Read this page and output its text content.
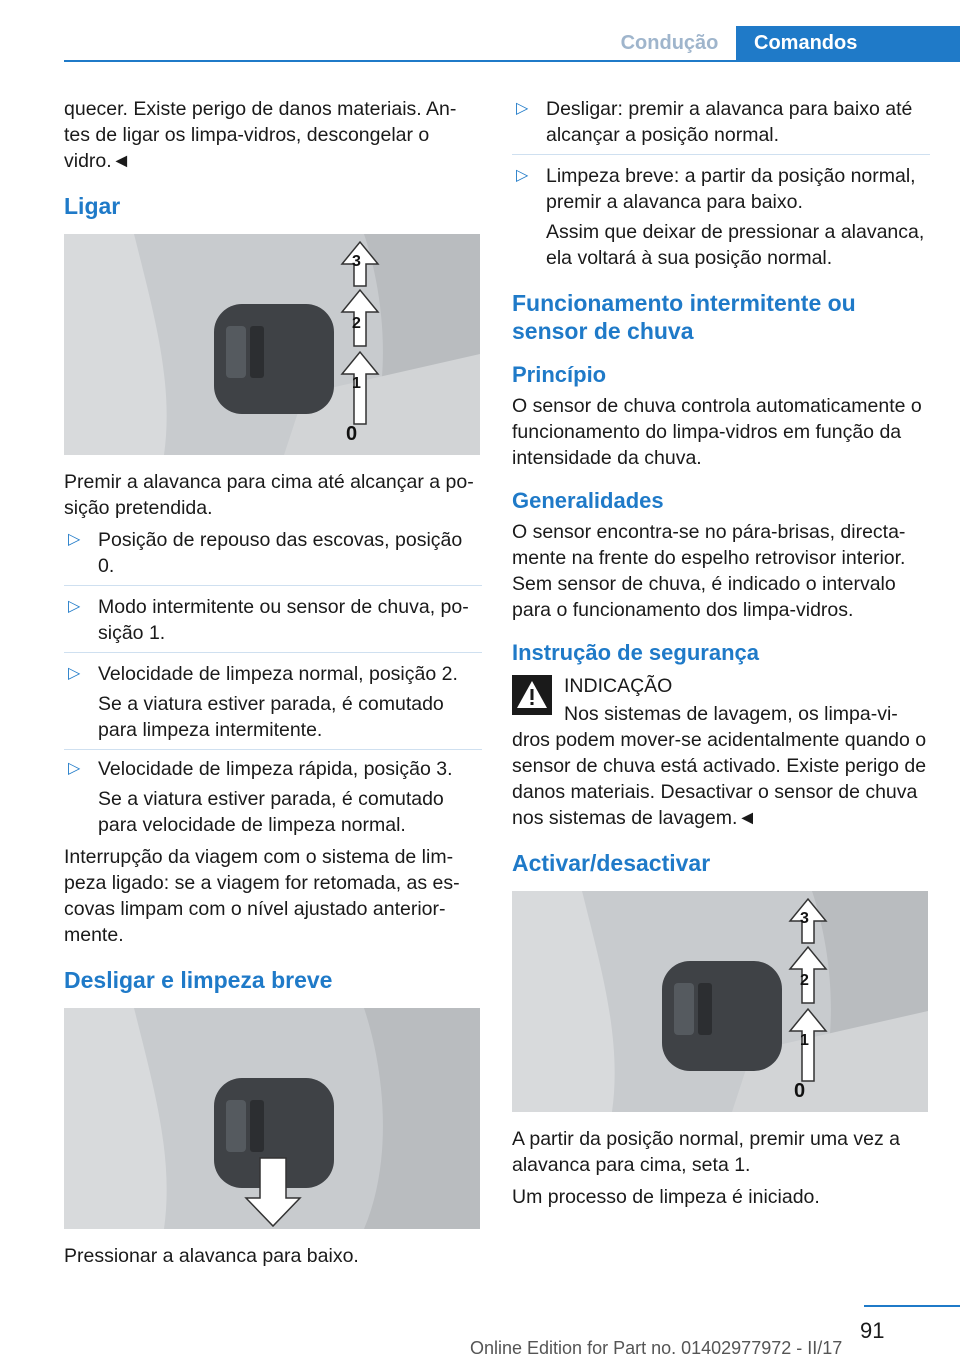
Condução	Comandos

quecer. Existe perigo de danos materiais. An- tes de ligar os limpa-vidros, descongelar o vidro.◄

Ligar
0
1
2
3

Premir a alavanca para cima até alcançar a po- sição pretendida.

▷ Posição de repouso das escovas, posição 0.
▷ Modo intermitente ou sensor de chuva, po- sição 1.
▷ Velocidade de limpeza normal, posição 2.

Se a viatura estiver parada, é comutado para limpeza intermitente.

▷ Velocidade de limpeza rápida, posição 3.

Se a viatura estiver parada, é comutado para velocidade de limpeza normal.

Interrupção da viagem com o sistema de lim- peza ligado: se a viagem for retomada, as es- covas limpam com o nível ajustado anterior- mente.

Desligar e limpeza breve

Pressionar a alavanca para baixo.

▷ Desligar: premir a alavanca para baixo até alcançar a posição normal.
▷ Limpeza breve: a partir da posição normal, premir a alavanca para baixo.

Assim que deixar de pressionar a alavanca, ela voltará à sua posição normal.

Funcionamento intermitente ou sensor de chuva
Princípio

O sensor de chuva controla automaticamente o funcionamento do limpa-vidros em função da intensidade da chuva.

Generalidades

O sensor encontra-se no pára-brisas, directa- mente na frente do espelho retrovisor interior. Sem sensor de chuva, é indicado o intervalo para o funcionamento dos limpa-vidros.

Instrução de segurança

INDICAÇÃO

Nos sistemas de lavagem, os limpa-vi-

dros podem mover-se acidentalmente quando o sensor de chuva está activado. Existe perigo de danos materiais. Desactivar o sensor de chuva nos sistemas de lavagem.◄

Activar/desactivar
0
1
2
3

A partir da posição normal, premir uma vez a alavanca para cima, seta 1.

Um processo de limpeza é iniciado.

91
Online Edition for Part no. 01402977972 - II/17
